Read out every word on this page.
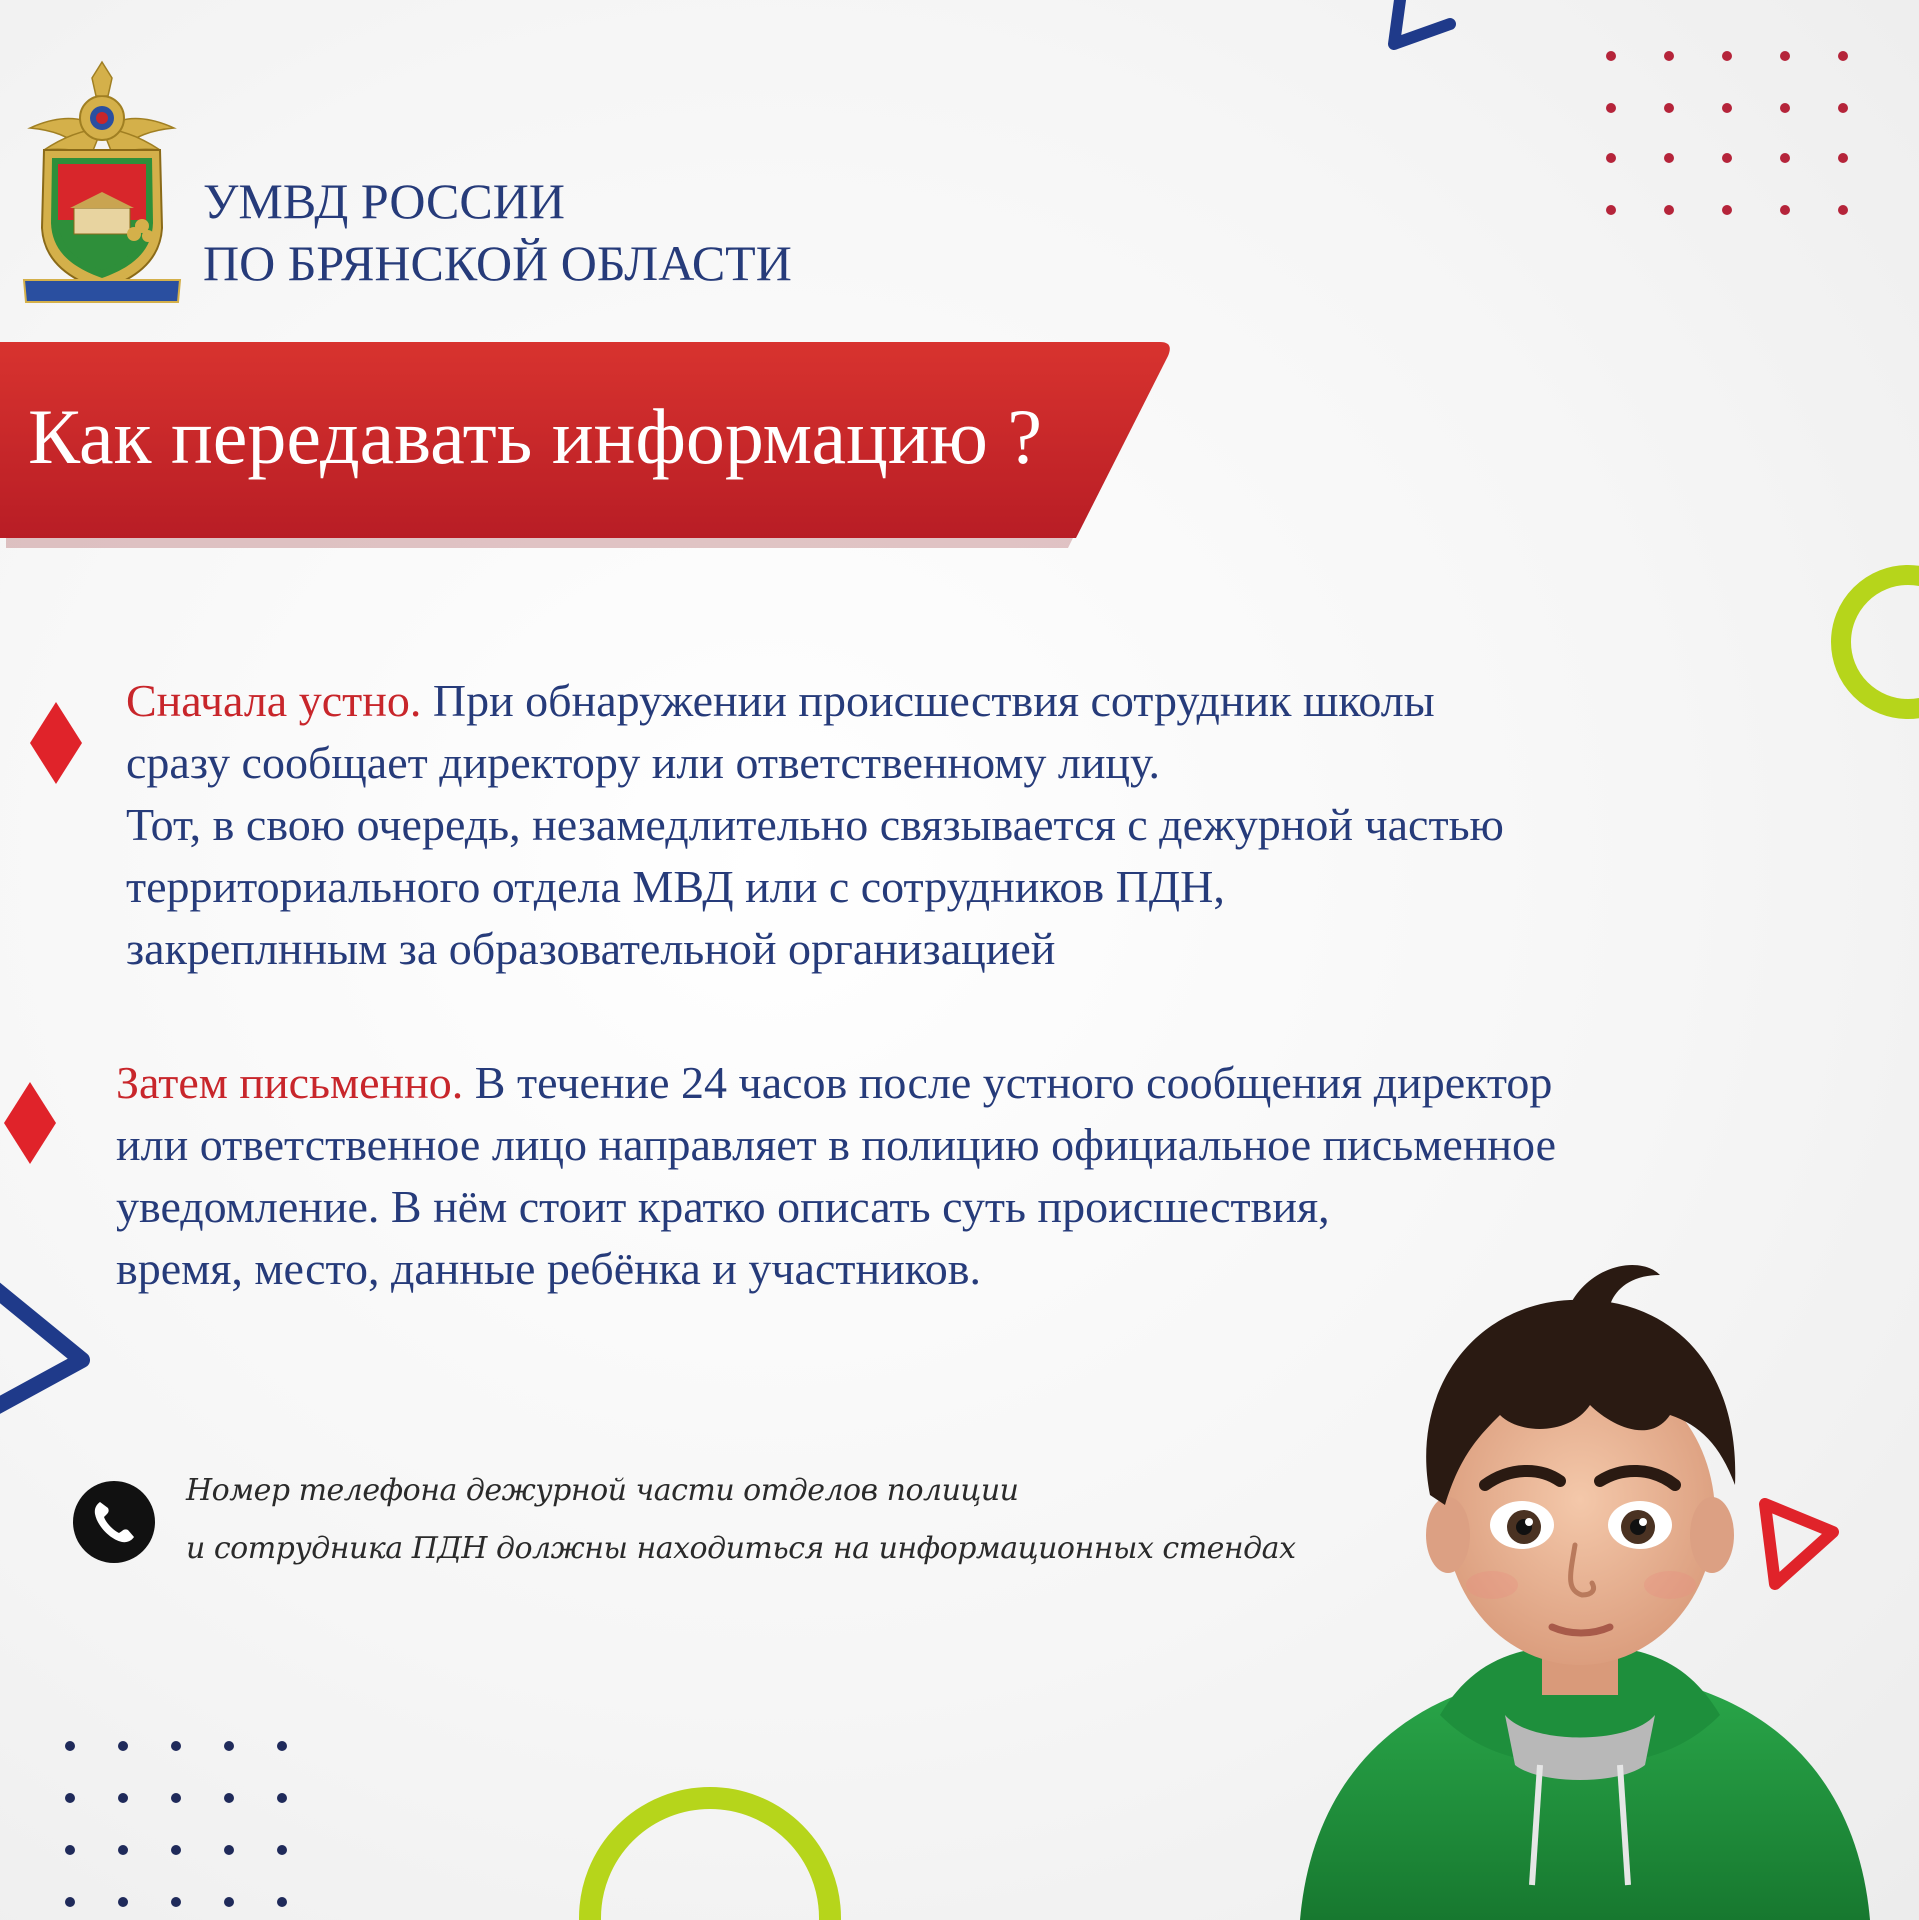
УМВД РОССИИ
ПО БРЯНСКОЙ ОБЛАСТИ
Как передавать информацию ?
Сначала устно. При обнаружении происшествия сотрудник школы
сразу сообщает директору или ответственному лицу.
Тот, в свою очередь, незамедлительно связывается с дежурной частью
территориального отдела МВД или с сотрудников ПДН,
закреплнным за образовательной организацией
Затем письменно. В течение 24 часов после устного сообщения директор
или ответственное лицо направляет в полицию официальное письменное
уведомление. В нём стоит кратко описать суть происшествия,
время, место, данные ребёнка и участников.
Номер телефона дежурной части отделов полиции
и сотрудника ПДН должны находиться на информационных стендах
